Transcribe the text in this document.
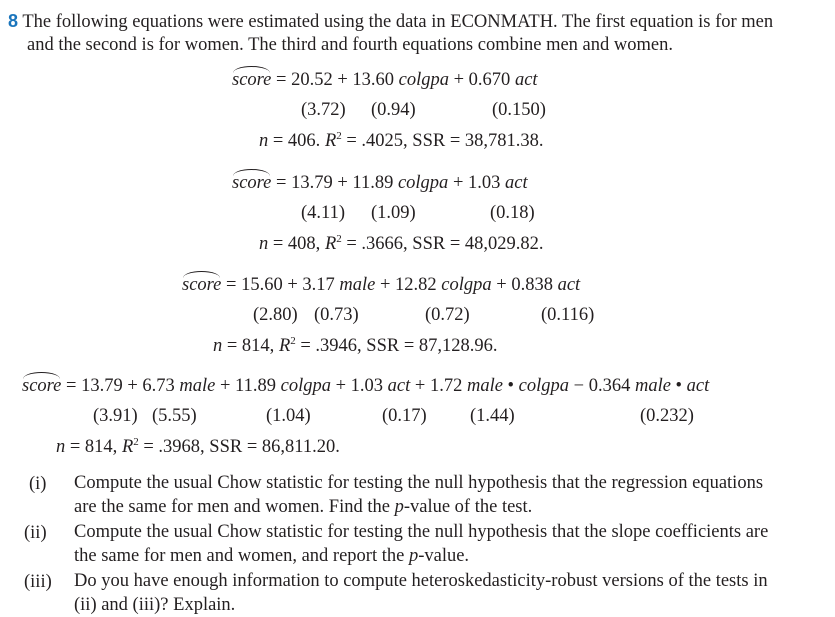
8 The following equations were estimated using the data in ECONMATH. The first equation is for men
and the second is for women. The third and fourth equations combine men and women.
score = 20.52 + 13.60 colgpa + 0.670 act
(3.72) (0.94)	(0.150)
n = 406. $R^2 = .4025$, SSR = 38,781.38.
score = 13.79 + 11.89 colgpa + 1.03 act
(4.11) (1.09)	(0.18)
n = 408, $R^2 = .3666$, SSR = 48,029.82.
score = 15.60 + 3.17 male + 12.82 colgpa + 0.838 act
(2.80) (0.73)	(0.72)	(0.116)
n = 814, $R^2 = .3946$, SSR = 87,128.96.
score = 13.79 + 6.73 male + 11.89 colgpa + 1.03 act + 1.72 male • colgpa − 0.364 male • act
(3.91) (5.55)	(1.04)	(0.17) (1.44)	(0.232)
n = 814, $R^2 = .3968$, SSR = 86,811.20.
(i) Compute the usual Chow statistic for testing the null hypothesis that the regression equations
are the same for men and women. Find the p-value of the test.
(ii) Compute the usual Chow statistic for testing the null hypothesis that the slope coefficients are
the same for men and women, and report the p-value.
(iii) Do you have enough information to compute heteroskedasticity-robust versions of the tests in
(ii) and (iii)? Explain.
